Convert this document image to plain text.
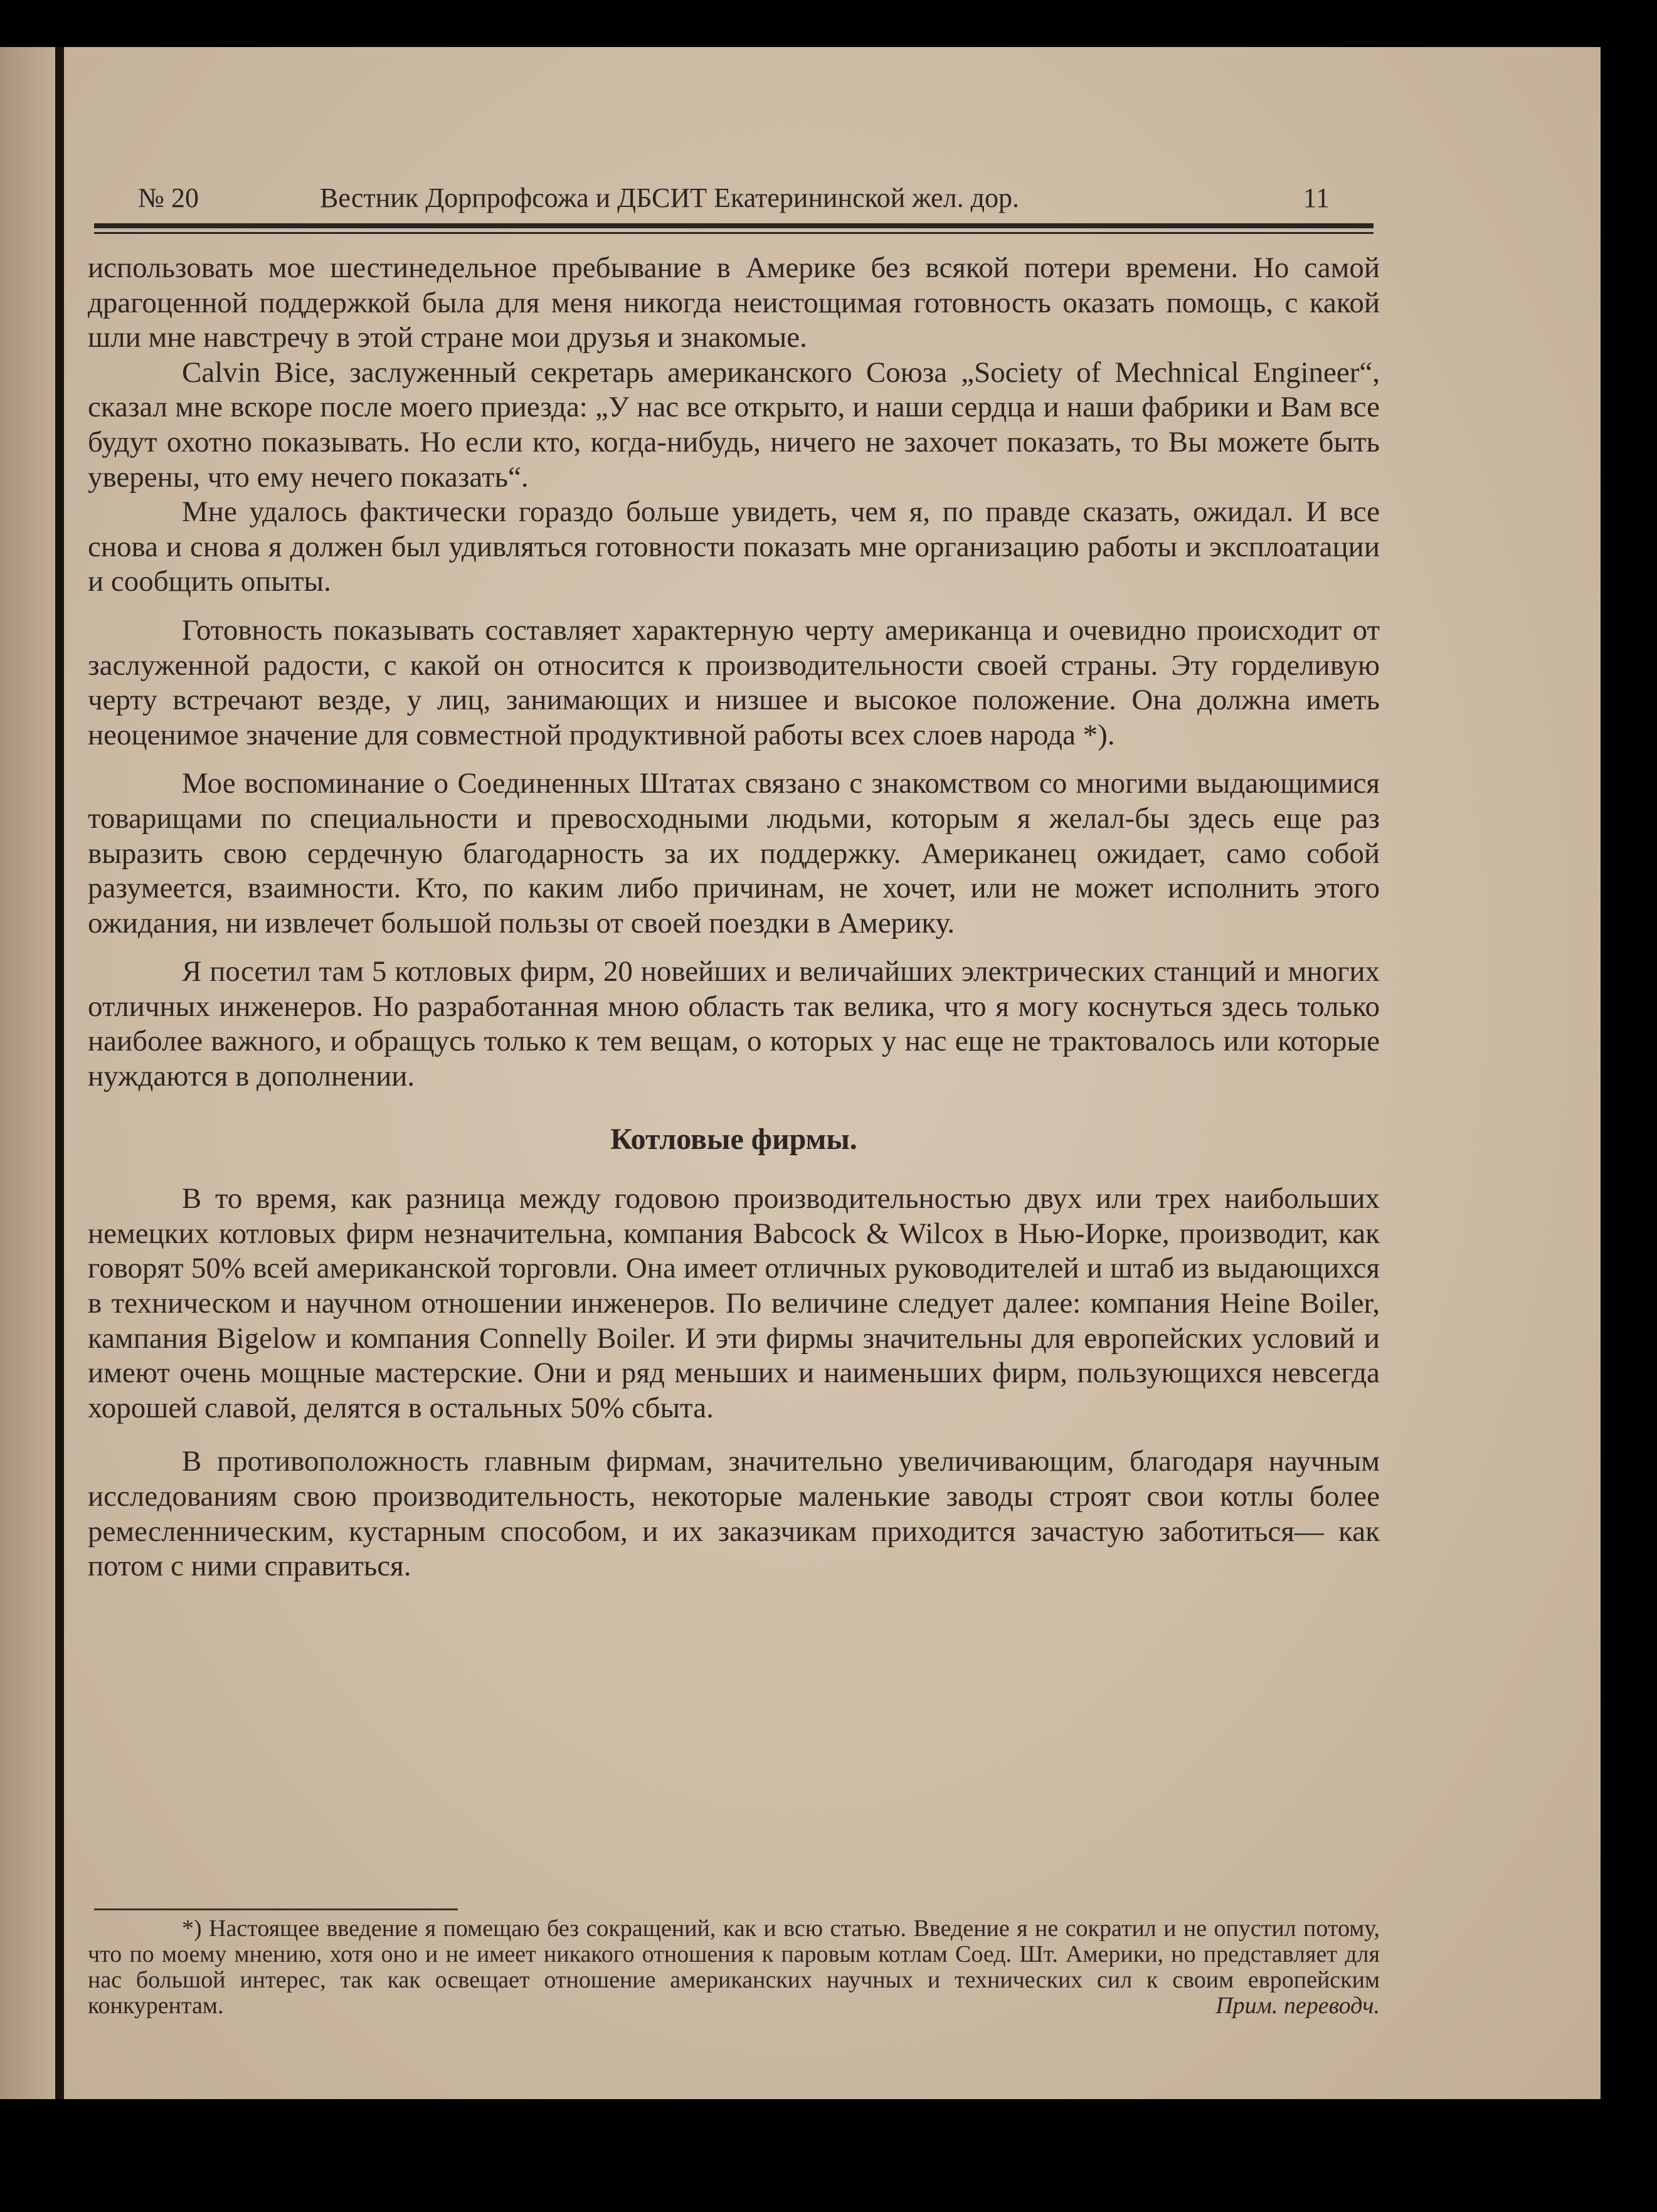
№ 20	Вестник Дорпрофсожа и ДБСИТ Екатерининской жел. дор.	11

использовать мое шестинедельное пребывание в Америке без всякой потери времени. Но самой драгоценной поддержкой была для меня никогда неистощимая готовность оказать помощь, с какой шли мне навстречу в этой стране мои друзья и знакомые.

Calvin Bice, заслуженный секретарь американского Союза „Society of Mechnical Engineer“, сказал мне вскоре после моего приезда: „У нас все открыто, и наши сердца и наши фабрики и Вам все будут охотно показывать. Но если кто, когда-нибудь, ничего не захочет показать, то Вы можете быть уверены, что ему нечего показать“.

Мне удалось фактически гораздо больше увидеть, чем я, по правде сказать, ожидал. И все снова и снова я должен был удивляться готовности показать мне организацию работы и эксплоатации и сообщить опыты.

Готовность показывать составляет характерную черту американца и очевидно происходит от заслуженной радости, с какой он относится к производительности своей страны. Эту горделивую черту встречают везде, у лиц, занимающих и низшее и высокое положение. Она должна иметь неоценимое значение для совместной продуктивной работы всех слоев народа *).

Мое воспоминание о Соединенных Штатах связано с знакомством со многими выдающимися товарищами по специальности и превосходными людьми, которым я желал-бы здесь еще раз выразить свою сердечную благодарность за их поддержку. Американец ожидает, само собой разумеется, взаимности. Кто, по каким либо причинам, не хочет, или не может исполнить этого ожидания, ни извлечет большой пользы от своей поездки в Америку.

Я посетил там 5 котловых фирм, 20 новейших и величайших электрических станций и многих отличных инженеров. Но разработанная мною область так велика, что я могу коснуться здесь только наиболее важного, и обращусь только к тем вещам, о которых у нас еще не трактовалось или которые нуждаются в дополнении.

Котловые фирмы.

В то время, как разница между годовою производительностью двух или трех наибольших немецких котловых фирм незначительна, компания Babcock & Wilcox в Нью-Иорке, производит, как говорят 50% всей американской торговли. Она имеет отличных руководителей и штаб из выдающихся в техническом и научном отношении инженеров. По величине следует далее: компания Heine Boiler, кампания Bigelow и компания Connelly Boiler. И эти фирмы значительны для европейских условий и имеют очень мощные мастерские. Они и ряд меньших и наименьших фирм, пользующихся невсегда хорошей славой, делятся в остальных 50% сбыта.

В противоположность главным фирмам, значительно увеличивающим, благодаря научным исследованиям свою производительность, некоторые маленькие заводы строят свои котлы более ремесленническим, кустарным способом, и их заказчикам приходится зачастую заботиться— как потом с ними справиться.

*) Настоящее введение я помещаю без сокращений, как и всю статью. Введение я не сократил и не опустил потому, что по моему мнению, хотя оно и не имеет никакого отношения к паровым котлам Соед. Шт. Америки, но представляет для нас большой интерес, так как освещает отношение американских научных и технических сил к своим европейским конкурентам.	Прим. переводч.
